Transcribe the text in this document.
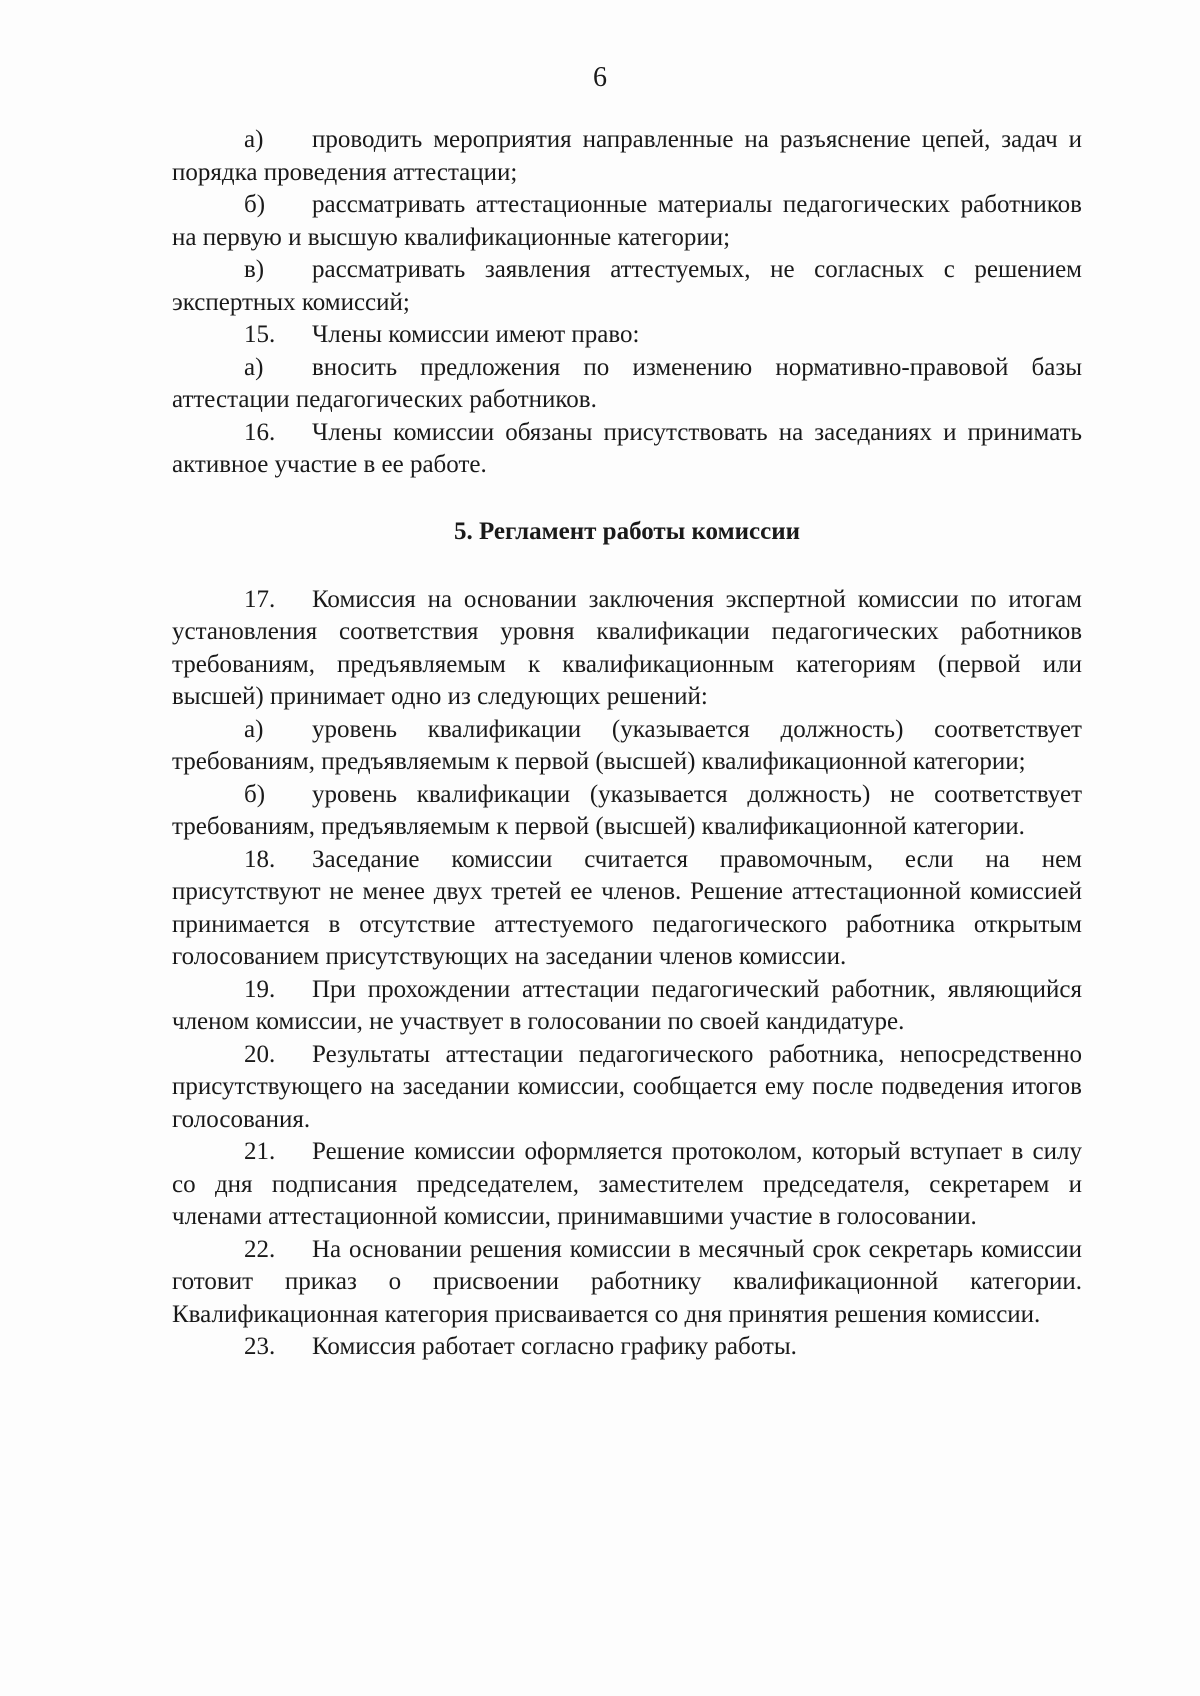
6

а) проводить мероприятия направленные на разъяснение цепей, задач и порядка проведения аттестации;

б) рассматривать аттестационные материалы педагогических работников на первую и высшую квалификационные категории;

в) рассматривать заявления аттестуемых, не согласных с решением экспертных комиссий;

15. Члены комиссии имеют право:

а) вносить предложения по изменению нормативно-правовой базы аттестации педагогических работников.

16. Члены комиссии обязаны присутствовать на заседаниях и принимать активное участие в ее работе.

5. Регламент работы комиссии

17. Комиссия на основании заключения экспертной комиссии по итогам установления соответствия уровня квалификации педагогических работников требованиям, предъявляемым к квалификационным категориям (первой или высшей) принимает одно из следующих решений:

а) уровень квалификации (указывается должность) соответствует требованиям, предъявляемым к первой (высшей) квалификационной категории;

б) уровень квалификации (указывается должность) не соответствует требованиям, предъявляемым к первой (высшей) квалификационной категории.

18. Заседание комиссии считается правомочным, если на нем присутствуют не менее двух третей ее членов. Решение аттестационной комиссией принимается в отсутствие аттестуемого педагогического работника открытым голосованием присутствующих на заседании членов комиссии.

19. При прохождении аттестации педагогический работник, являющийся членом комиссии, не участвует в голосовании по своей кандидатуре.

20. Результаты аттестации педагогического работника, непосредственно присутствующего на заседании комиссии, сообщается ему после подведения итогов голосования.

21. Решение комиссии оформляется протоколом, который вступает в силу со дня подписания председателем, заместителем председателя, секретарем и членами аттестационной комиссии, принимавшими участие в голосовании.

22. На основании решения комиссии в месячный срок секретарь комиссии готовит приказ о присвоении работнику квалификационной категории. Квалификационная категория присваивается со дня принятия решения комиссии.

23. Комиссия работает согласно графику работы.
